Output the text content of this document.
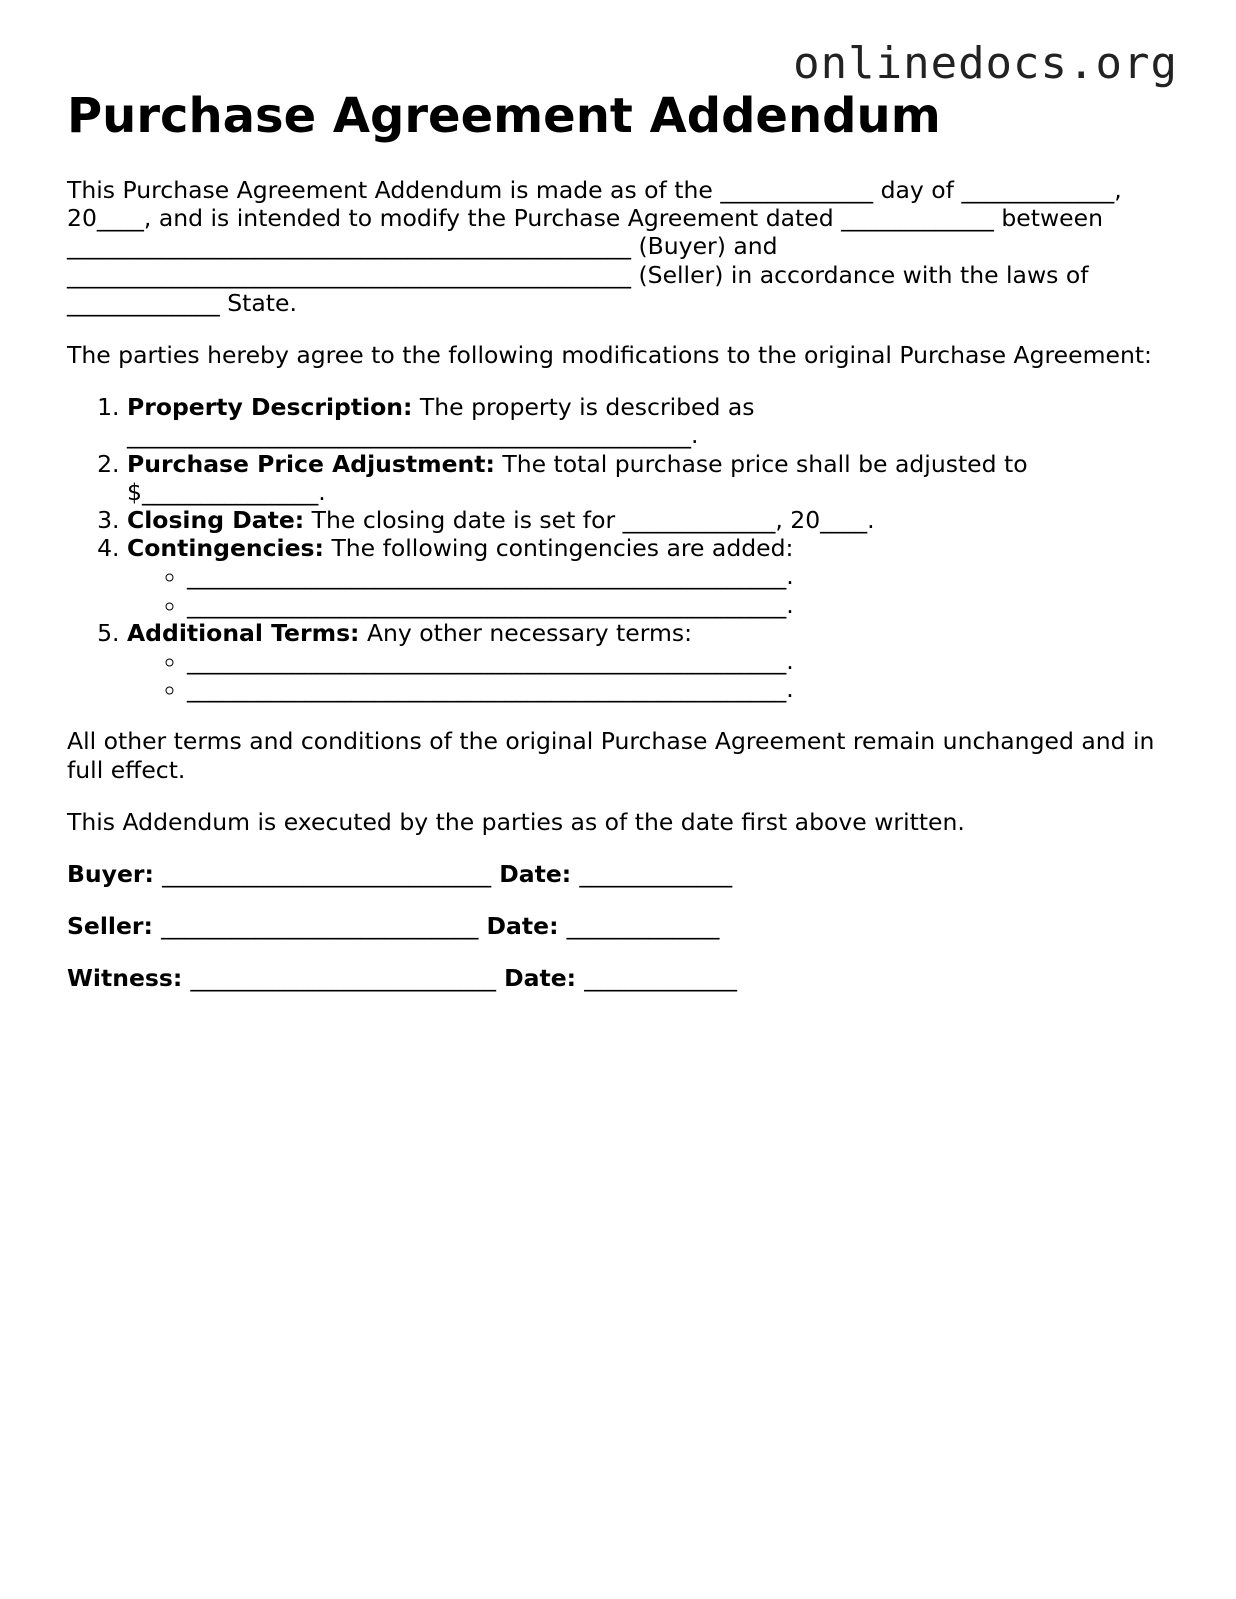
onlinedocs.org
Purchase Agreement Addendum

This Purchase Agreement Addendum is made as of the _____________ day of _____________, 20____, and is intended to modify the Purchase Agreement dated _____________ between ________________________________________________ (Buyer) and ________________________________________________ (Seller) in accordance with the laws of _____________ State.

The parties hereby agree to the following modifications to the original Purchase Agreement:

1. Property Description: The property is described as
________________________________________________.
2. Purchase Price Adjustment: The total purchase price shall be adjusted to
$_______________.
3. Closing Date: The closing date is set for _____________, 20____.
4. Contingencies: The following contingencies are added:
◦ ___________________________________________________.
◦ ___________________________________________________.
5. Additional Terms: Any other necessary terms:
◦ ___________________________________________________.
◦ ___________________________________________________.

All other terms and conditions of the original Purchase Agreement remain unchanged and in full effect.

This Addendum is executed by the parties as of the date first above written.

Buyer: ____________________________ Date: _____________

Seller: ___________________________ Date: _____________

Witness: __________________________ Date: _____________
